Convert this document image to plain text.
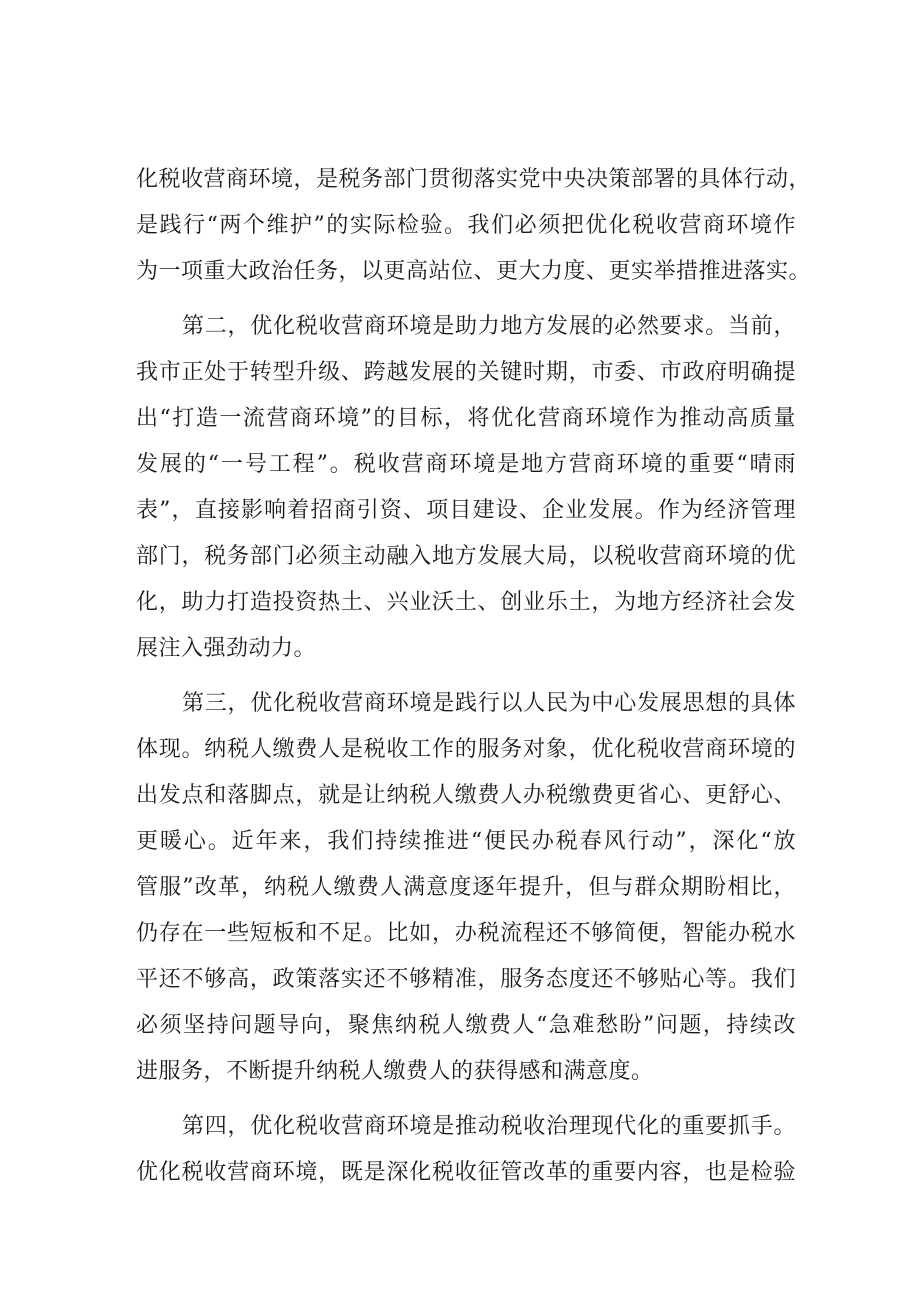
化税收营商环境，是税务部门贯彻落实党中央决策部署的具体行动，

是践行“两个维护”的实际检验。我们必须把优化税收营商环境作

为一项重大政治任务，以更高站位、更大力度、更实举措推进落实。

第二，优化税收营商环境是助力地方发展的必然要求。当前，

我市正处于转型升级、跨越发展的关键时期，市委、市政府明确提

出“打造一流营商环境”的目标，将优化营商环境作为推动高质量

发展的“一号工程”。税收营商环境是地方营商环境的重要“晴雨

表”，直接影响着招商引资、项目建设、企业发展。作为经济管理

部门，税务部门必须主动融入地方发展大局，以税收营商环境的优

化，助力打造投资热土、兴业沃土、创业乐土，为地方经济社会发

展注入强劲动力。

第三，优化税收营商环境是践行以人民为中心发展思想的具体

体现。纳税人缴费人是税收工作的服务对象，优化税收营商环境的

出发点和落脚点，就是让纳税人缴费人办税缴费更省心、更舒心、

更暖心。近年来，我们持续推进“便民办税春风行动”，深化“放

管服”改革，纳税人缴费人满意度逐年提升，但与群众期盼相比，

仍存在一些短板和不足。比如，办税流程还不够简便，智能办税水

平还不够高，政策落实还不够精准，服务态度还不够贴心等。我们

必须坚持问题导向，聚焦纳税人缴费人“急难愁盼”问题，持续改

进服务，不断提升纳税人缴费人的获得感和满意度。

第四，优化税收营商环境是推动税收治理现代化的重要抓手。

优化税收营商环境，既是深化税收征管改革的重要内容，也是检验
